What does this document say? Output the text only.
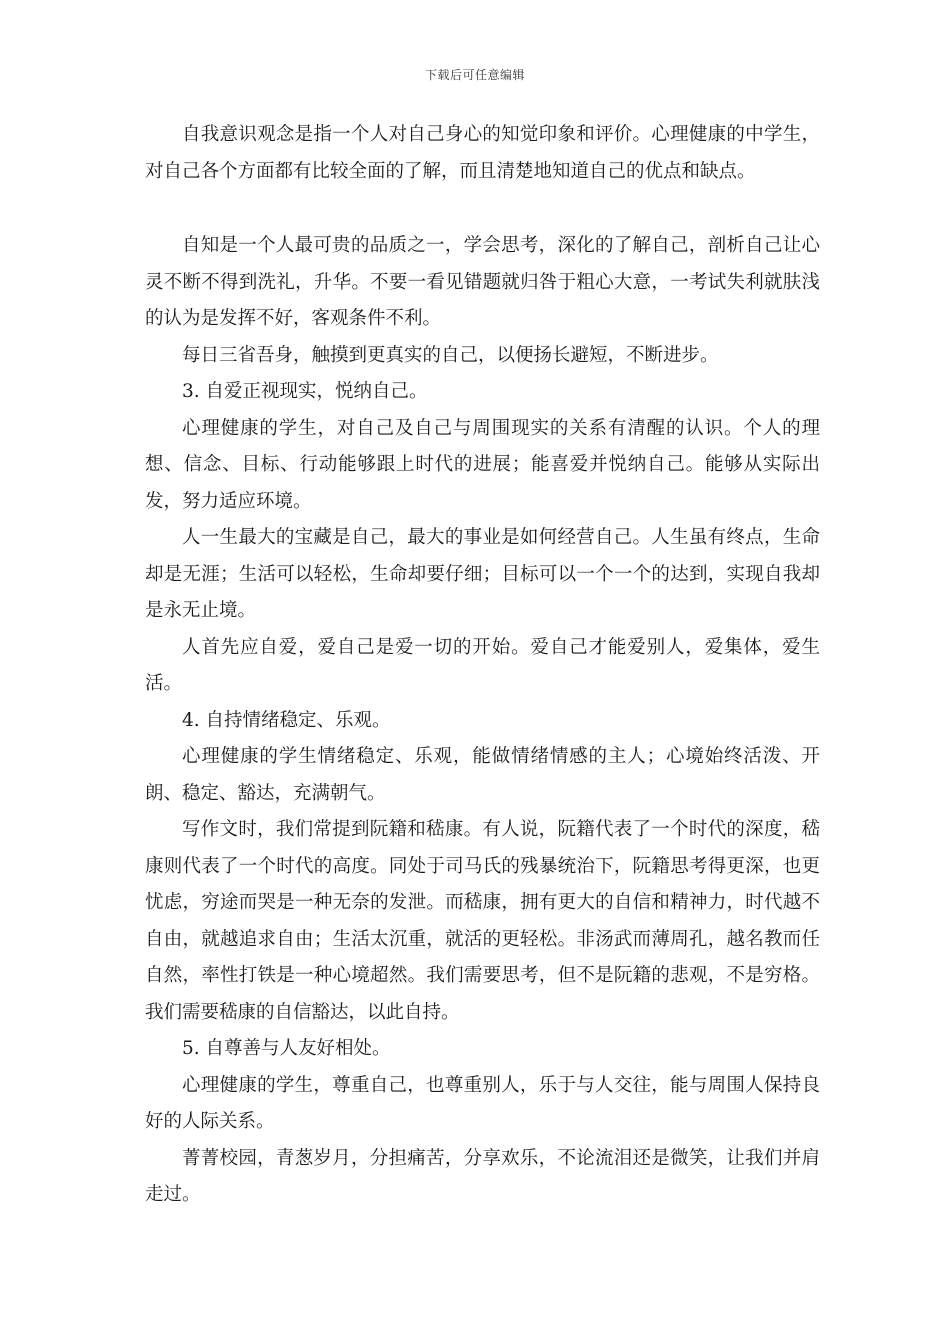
下载后可任意编辑

自我意识观念是指一个人对自己身心的知觉印象和评价。心理健康的中学生，对自己各个方面都有比较全面的了解，而且清楚地知道自己的优点和缺点。

自知是一个人最可贵的品质之一，学会思考，深化的了解自己，剖析自己让心灵不断不得到洗礼，升华。不要一看见错题就归咎于粗心大意，一考试失利就肤浅的认为是发挥不好，客观条件不利。

每日三省吾身，触摸到更真实的自己，以便扬长避短，不断进步。

3. 自爱正视现实，悦纳自己。

心理健康的学生，对自己及自己与周围现实的关系有清醒的认识。个人的理想、信念、目标、行动能够跟上时代的进展；能喜爱并悦纳自己。能够从实际出发，努力适应环境。

人一生最大的宝藏是自己，最大的事业是如何经营自己。人生虽有终点，生命却是无涯；生活可以轻松，生命却要仔细；目标可以一个一个的达到，实现自我却是永无止境。

人首先应自爱，爱自己是爱一切的开始。爱自己才能爱别人，爱集体，爱生活。

4. 自持情绪稳定、乐观。

心理健康的学生情绪稳定、乐观，能做情绪情感的主人；心境始终活泼、开朗、稳定、豁达，充满朝气。

写作文时，我们常提到阮籍和嵇康。有人说，阮籍代表了一个时代的深度，嵇康则代表了一个时代的高度。同处于司马氏的残暴统治下，阮籍思考得更深，也更忧虑，穷途而哭是一种无奈的发泄。而嵇康，拥有更大的自信和精神力，时代越不自由，就越追求自由；生活太沉重，就活的更轻松。非汤武而薄周孔，越名教而任自然，率性打铁是一种心境超然。我们需要思考，但不是阮籍的悲观，不是穷格。我们需要嵇康的自信豁达，以此自持。

5. 自尊善与人友好相处。

心理健康的学生，尊重自己，也尊重别人，乐于与人交往，能与周围人保持良好的人际关系。

菁菁校园，青葱岁月，分担痛苦，分享欢乐，不论流泪还是微笑，让我们并肩走过。
